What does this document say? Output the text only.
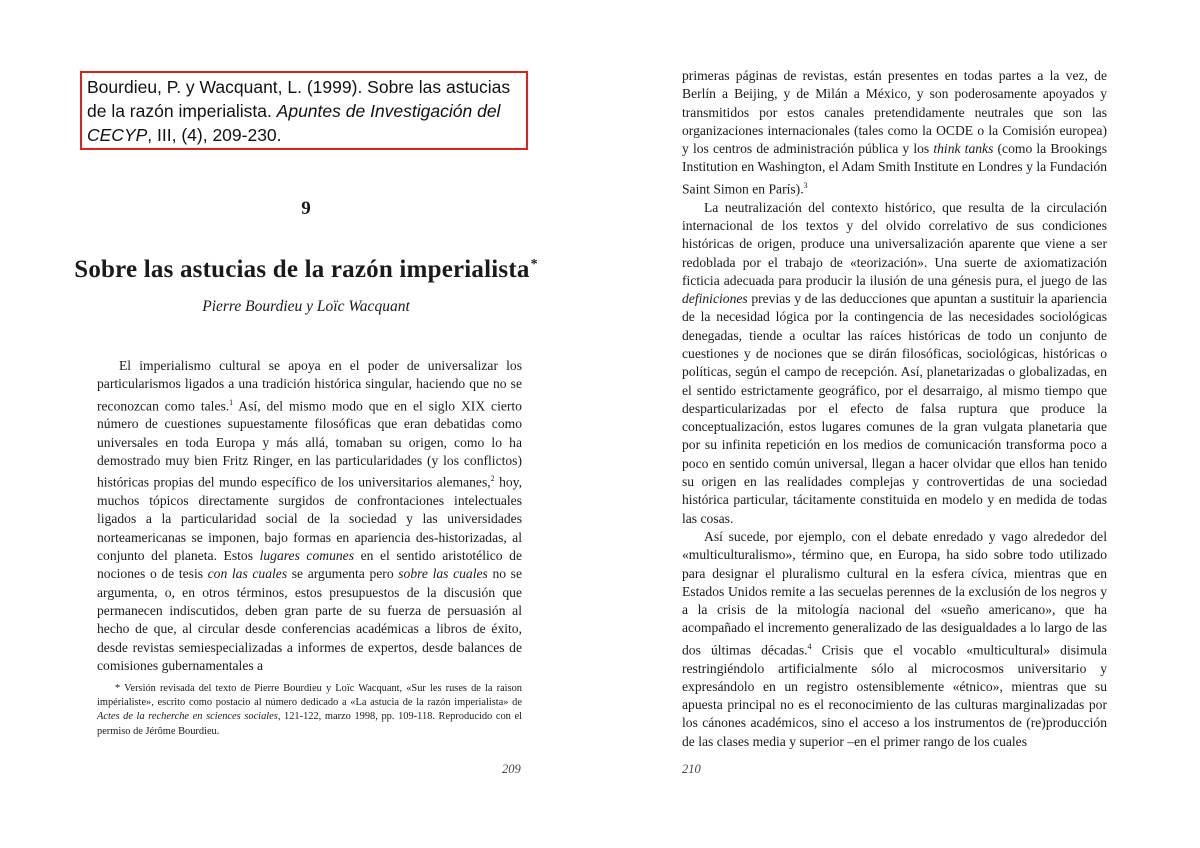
Bourdieu, P. y Wacquant, L. (1999). Sobre las astucias de la razón imperialista. Apuntes de Investigación del CECYP, III, (4), 209-230.
9
Sobre las astucias de la razón imperialista*
Pierre Bourdieu y Loïc Wacquant

El imperialismo cultural se apoya en el poder de universalizar los particularismos ligados a una tradición histórica singular, haciendo que no se reconozcan como tales.$^1$ Así, del mismo modo que en el siglo XIX cierto número de cuestiones supuestamente filosóficas que eran debatidas como universales en toda Europa y más allá, tomaban su origen, como lo ha demostrado muy bien Fritz Ringer, en las particularidades (y los conflictos) históricas propias del mundo específico de los universitarios alemanes,$^2$ hoy, muchos tópicos directamente surgidos de confrontaciones intelectuales ligados a la particularidad social de la sociedad y las universidades norteamericanas se imponen, bajo formas en apariencia des-historizadas, al conjunto del planeta. Estos lugares comunes en el sentido aristotélico de nociones o de tesis con las cuales se argumenta pero sobre las cuales no se argumenta, o, en otros términos, estos presupuestos de la discusión que permanecen indiscutidos, deben gran parte de su fuerza de persuasión al hecho de que, al circular desde conferencias académicas a libros de éxito, desde revistas semiespecializadas a informes de expertos, desde balances de comisiones gubernamentales a

* Versión revisada del texto de Pierre Bourdieu y Loïc Wacquant, «Sur les ruses de la raison impérialiste», escrito como postacio al número dedicado a «La astucia de la razón imperialista» de Actes de la recherche en sciences sociales, 121-122, marzo 1998, pp. 109-118. Reproducido con el permiso de Jérôme Bourdieu.

209

primeras páginas de revistas, están presentes en todas partes a la vez, de Berlín a Beijing, y de Milán a México, y son poderosamente apoyados y transmitidos por estos canales pretendidamente neutrales que son las organizaciones internacionales (tales como la OCDE o la Comisión europea) y los centros de administración pública y los think tanks (como la Brookings Institution en Washington, el Adam Smith Institute en Londres y la Fundación Saint Simon en París).$^3$

La neutralización del contexto histórico, que resulta de la circulación internacional de los textos y del olvido correlativo de sus condiciones históricas de origen, produce una universalización aparente que viene a ser redoblada por el trabajo de «teorización». Una suerte de axiomatización ficticia adecuada para producir la ilusión de una génesis pura, el juego de las definiciones previas y de las deducciones que apuntan a sustituir la apariencia de la necesidad lógica por la contingencia de las necesidades sociológicas denegadas, tiende a ocultar las raíces históricas de todo un conjunto de cuestiones y de nociones que se dirán filosóficas, sociológicas, históricas o políticas, según el campo de recepción. Así, planetarizadas o globalizadas, en el sentido estrictamente geográfico, por el desarraigo, al mismo tiempo que desparticularizadas por el efecto de falsa ruptura que produce la conceptualización, estos lugares comunes de la gran vulgata planetaria que por su infinita repetición en los medios de comunicación transforma poco a poco en sentido común universal, llegan a hacer olvidar que ellos han tenido su origen en las realidades complejas y controvertidas de una sociedad histórica particular, tácitamente constituida en modelo y en medida de todas las cosas.

Así sucede, por ejemplo, con el debate enredado y vago alrededor del «multiculturalismo», término que, en Europa, ha sido sobre todo utilizado para designar el pluralismo cultural en la esfera cívica, mientras que en Estados Unidos remite a las secuelas perennes de la exclusión de los negros y a la crisis de la mitología nacional del «sueño americano», que ha acompañado el incremento generalizado de las desigualdades a lo largo de las dos últimas décadas.$^4$ Crisis que el vocablo «multicultural» disimula restringiéndolo artificialmente sólo al microcosmos universitario y expresándolo en un registro ostensiblemente «étnico», mientras que su apuesta principal no es el reconocimiento de las culturas marginalizadas por los cánones académicos, sino el acceso a los instrumentos de (re)producción de las clases media y superior –en el primer rango de los cuales

210
